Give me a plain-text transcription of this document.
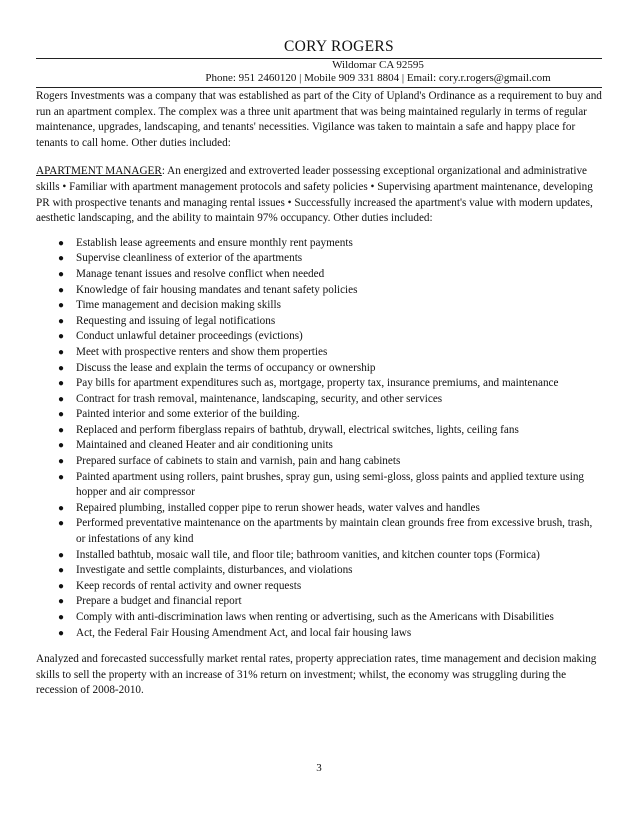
CORY ROGERS
Wildomar CA 92595
Phone: 951 2460120 | Mobile 909 331 8804 | Email: cory.r.rogers@gmail.com

Rogers Investments was a company that was established as part of the City of Upland's Ordinance as a requirement to buy and run an apartment complex. The complex was a three unit apartment that was being maintained regularly in terms of regular maintenance, upgrades, landscaping, and tenants' necessities. Vigilance was taken to maintain a safe and happy place for tenants to call home. Other duties included:

APARTMENT MANAGER: An energized and extroverted leader possessing exceptional organizational and administrative skills • Familiar with apartment management protocols and safety policies • Supervising apartment maintenance, developing PR with prospective tenants and managing rental issues • Successfully increased the apartment's value with modern updates, aesthetic landscaping, and the ability to maintain 97% occupancy. Other duties included:

● Establish lease agreements and ensure monthly rent payments
● Supervise cleanliness of exterior of the apartments
● Manage tenant issues and resolve conflict when needed
● Knowledge of fair housing mandates and tenant safety policies
● Time management and decision making skills
● Requesting and issuing of legal notifications
● Conduct unlawful detainer proceedings (evictions)
● Meet with prospective renters and show them properties
● Discuss the lease and explain the terms of occupancy or ownership
● Pay bills for apartment expenditures such as, mortgage, property tax, insurance premiums, and maintenance
● Contract for trash removal, maintenance, landscaping, security, and other services
● Painted interior and some exterior of the building.
● Replaced and perform fiberglass repairs of bathtub, drywall, electrical switches, lights, ceiling fans
● Maintained and cleaned Heater and air conditioning units
● Prepared surface of cabinets to stain and varnish, pain and hang cabinets
● Painted apartment using rollers, paint brushes, spray gun, using semi-gloss, gloss paints and applied texture using hopper and air compressor
● Repaired plumbing, installed copper pipe to rerun shower heads, water valves and handles
● Performed preventative maintenance on the apartments by maintain clean grounds free from excessive brush, trash, or infestations of any kind
● Installed bathtub, mosaic wall tile, and floor tile; bathroom vanities, and kitchen counter tops (Formica)
● Investigate and settle complaints, disturbances, and violations
● Keep records of rental activity and owner requests
● Prepare a budget and financial report
● Comply with anti-discrimination laws when renting or advertising, such as the Americans with Disabilities
● Act, the Federal Fair Housing Amendment Act, and local fair housing laws

Analyzed and forecasted successfully market rental rates, property appreciation rates, time management and decision making skills to sell the property with an increase of 31% return on investment; whilst, the economy was struggling during the recession of 2008-2010.

3
